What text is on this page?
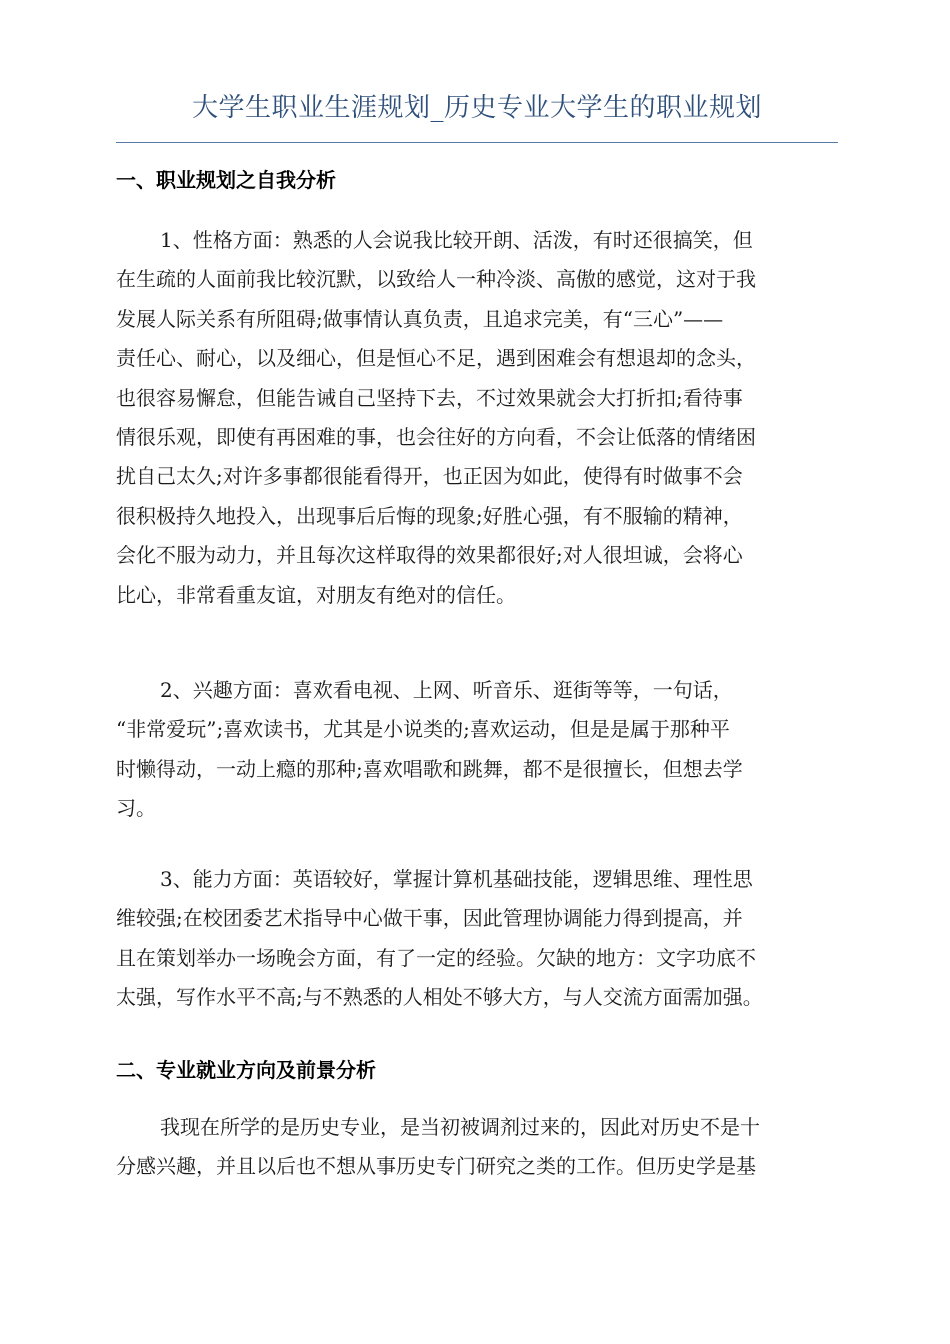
大学生职业生涯规划_历史专业大学生的职业规划
一、职业规划之自我分析
1、性格方面：熟悉的人会说我比较开朗、活泼，有时还很搞笑，但
在生疏的人面前我比较沉默，以致给人一种冷淡、高傲的感觉，这对于我
发展人际关系有所阻碍;做事情认真负责，且追求完美，有“三心”——
责任心、耐心，以及细心，但是恒心不足，遇到困难会有想退却的念头，
也很容易懈怠，但能告诫自己坚持下去，不过效果就会大打折扣;看待事
情很乐观，即使有再困难的事，也会往好的方向看，不会让低落的情绪困
扰自己太久;对许多事都很能看得开，也正因为如此，使得有时做事不会
很积极持久地投入，出现事后后悔的现象;好胜心强，有不服输的精神，
会化不服为动力，并且每次这样取得的效果都很好;对人很坦诚，会将心
比心，非常看重友谊，对朋友有绝对的信任。
2、兴趣方面：喜欢看电视、上网、听音乐、逛街等等，一句话，
“非常爱玩”;喜欢读书，尤其是小说类的;喜欢运动，但是是属于那种平
时懒得动，一动上瘾的那种;喜欢唱歌和跳舞，都不是很擅长，但想去学
习。
3、能力方面：英语较好，掌握计算机基础技能，逻辑思维、理性思
维较强;在校团委艺术指导中心做干事，因此管理协调能力得到提高，并
且在策划举办一场晚会方面，有了一定的经验。欠缺的地方：文字功底不
太强，写作水平不高;与不熟悉的人相处不够大方，与人交流方面需加强。
二、专业就业方向及前景分析
我现在所学的是历史专业，是当初被调剂过来的，因此对历史不是十
分感兴趣，并且以后也不想从事历史专门研究之类的工作。但历史学是基
